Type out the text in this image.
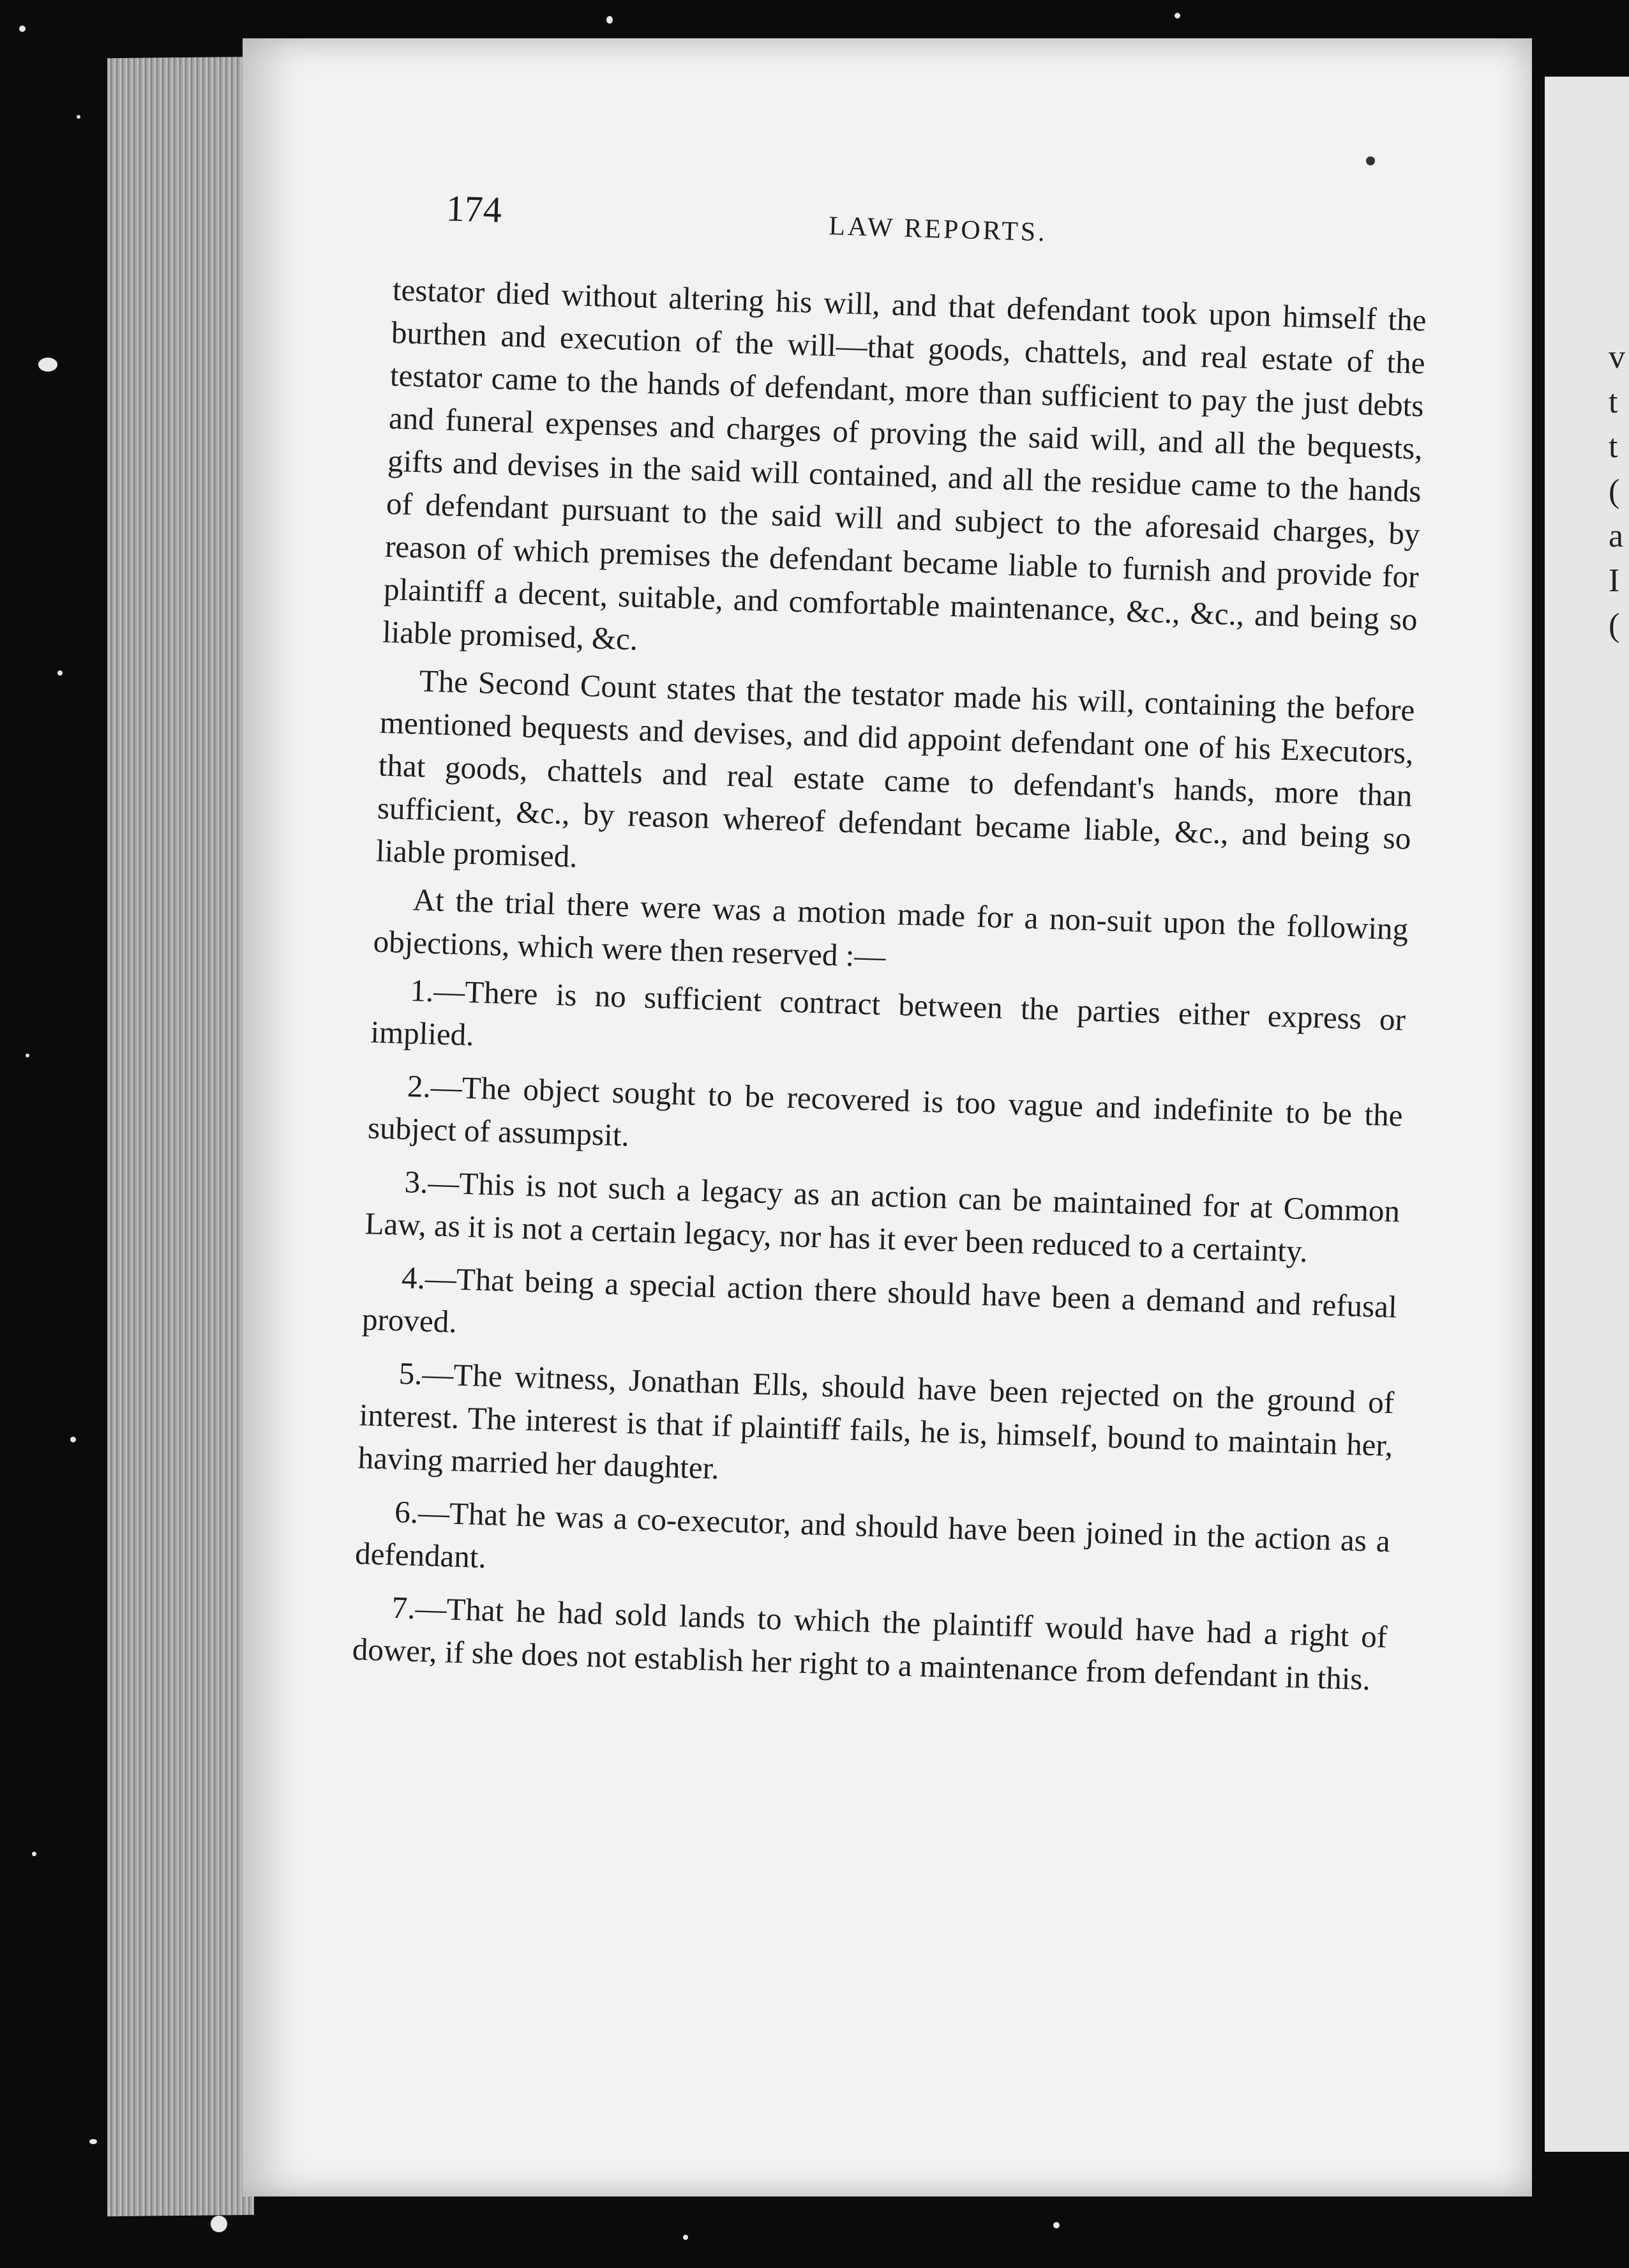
v
t
t
(
a
I
(
174	LAW REPORTS.

testator died without altering his will, and that defendant took upon himself the burthen and execution of the will—that goods, chattels, and real estate of the testator came to the hands of defendant, more than sufficient to pay the just debts and funeral expenses and charges of proving the said will, and all the bequests, gifts and devises in the said will contained, and all the residue came to the hands of defendant pursuant to the said will and subject to the aforesaid charges, by reason of which premises the defendant became liable to furnish and provide for plaintiff a decent, suitable, and comfortable maintenance, &c., &c., and being so liable promised, &c.

The Second Count states that the testator made his will, containing the before mentioned bequests and devises, and did appoint defendant one of his Executors, that goods, chattels and real estate came to defendant's hands, more than sufficient, &c., by reason whereof defendant became liable, &c., and being so liable promised.

At the trial there were was a motion made for a non-suit upon the following objections, which were then reserved :—

1.—There is no sufficient contract between the parties either express or implied.

2.—The object sought to be recovered is too vague and indefinite to be the subject of assumpsit.

3.—This is not such a legacy as an action can be maintained for at Common Law, as it is not a certain legacy, nor has it ever been reduced to a certainty.

4.—That being a special action there should have been a demand and refusal proved.

5.—The witness, Jonathan Ells, should have been rejected on the ground of interest. The interest is that if plaintiff fails, he is, himself, bound to maintain her, having married her daughter.

6.—That he was a co-executor, and should have been joined in the action as a defendant.

7.—That he had sold lands to which the plaintiff would have had a right of dower, if she does not establish her right to a maintenance from defendant in this.
